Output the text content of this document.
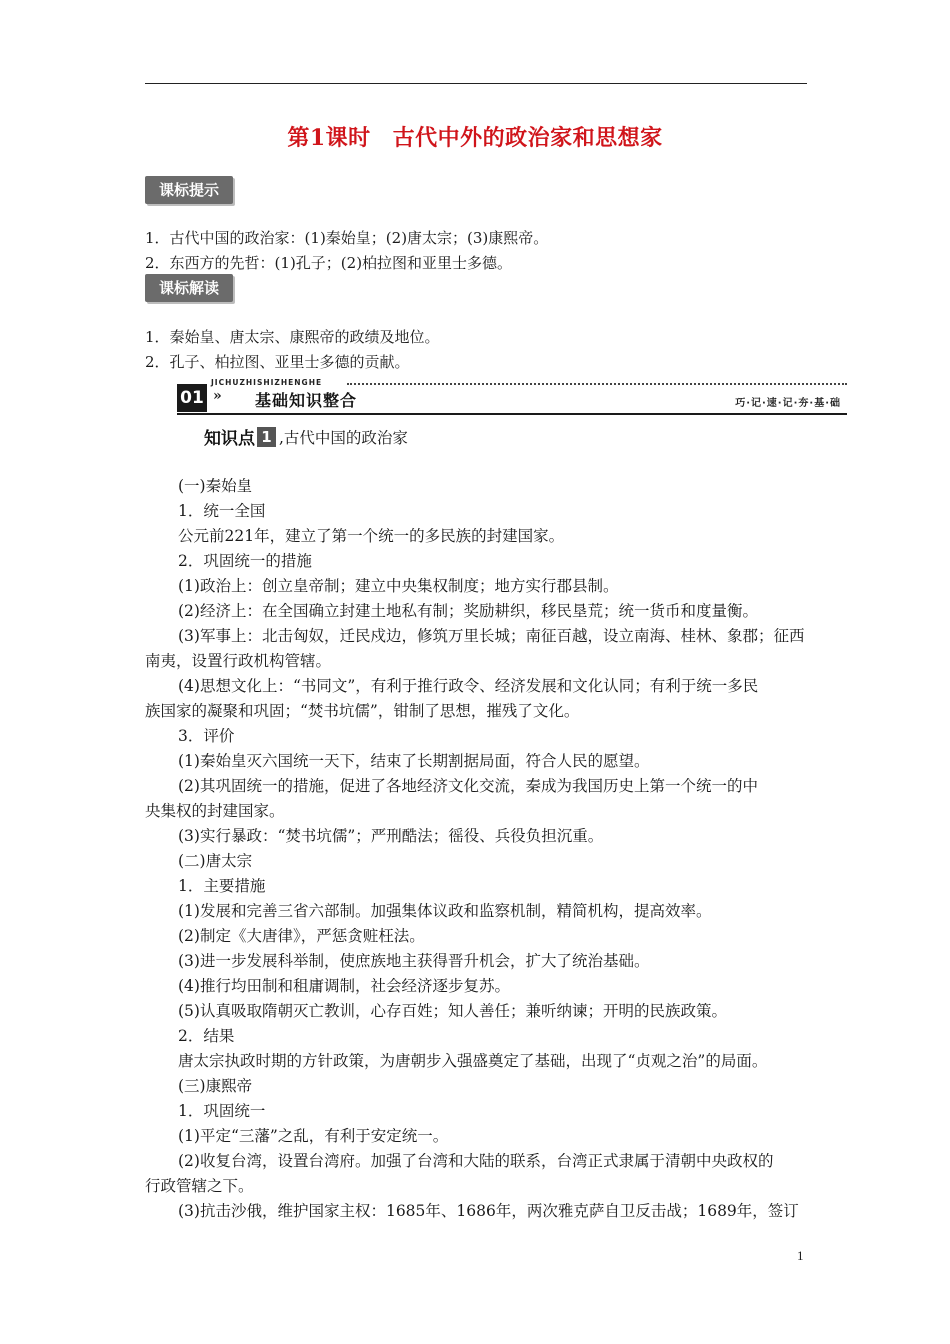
第1课时 古代中外的政治家和思想家
课标提示
1．古代中国的政治家：(1)秦始皇；(2)唐太宗；(3)康熙帝。
2．东西方的先哲：(1)孔子；(2)柏拉图和亚里士多德。
课标解读
1．秦始皇、唐太宗、康熙帝的政绩及地位。
2．孔子、柏拉图、亚里士多德的贡献。
JICHUZHISHIZHENGHE
01 » 基础知识整合	巧·记·速·记·夯·基·础
知识点 1 ,古代中国的政治家

(一)秦始皇

1．统一全国

公元前221年，建立了第一个统一的多民族的封建国家。

2．巩固统一的措施

(1)政治上：创立皇帝制；建立中央集权制度；地方实行郡县制。

(2)经济上：在全国确立封建土地私有制；奖励耕织，移民垦荒；统一货币和度量衡。

(3)军事上：北击匈奴，迁民戍边，修筑万里长城；南征百越，设立南海、桂林、象郡；征西

南夷，设置行政机构管辖。

(4)思想文化上：“书同文”，有利于推行政令、经济发展和文化认同；有利于统一多民

族国家的凝聚和巩固；“焚书坑儒”，钳制了思想，摧残了文化。

3．评价

(1)秦始皇灭六国统一天下，结束了长期割据局面，符合人民的愿望。

(2)其巩固统一的措施，促进了各地经济文化交流，秦成为我国历史上第一个统一的中

央集权的封建国家。

(3)实行暴政：“焚书坑儒”；严刑酷法；徭役、兵役负担沉重。

(二)唐太宗

1．主要措施

(1)发展和完善三省六部制。加强集体议政和监察机制，精简机构，提高效率。

(2)制定《大唐律》，严惩贪赃枉法。

(3)进一步发展科举制，使庶族地主获得晋升机会，扩大了统治基础。

(4)推行均田制和租庸调制，社会经济逐步复苏。

(5)认真吸取隋朝灭亡教训，心存百姓；知人善任；兼听纳谏；开明的民族政策。

2．结果

唐太宗执政时期的方针政策，为唐朝步入强盛奠定了基础，出现了“贞观之治”的局面。

(三)康熙帝

1．巩固统一

(1)平定“三藩”之乱，有利于安定统一。

(2)收复台湾，设置台湾府。加强了台湾和大陆的联系，台湾正式隶属于清朝中央政权的

行政管辖之下。

(3)抗击沙俄，维护国家主权：1685年、1686年，两次雅克萨自卫反击战；1689年，签订

1
